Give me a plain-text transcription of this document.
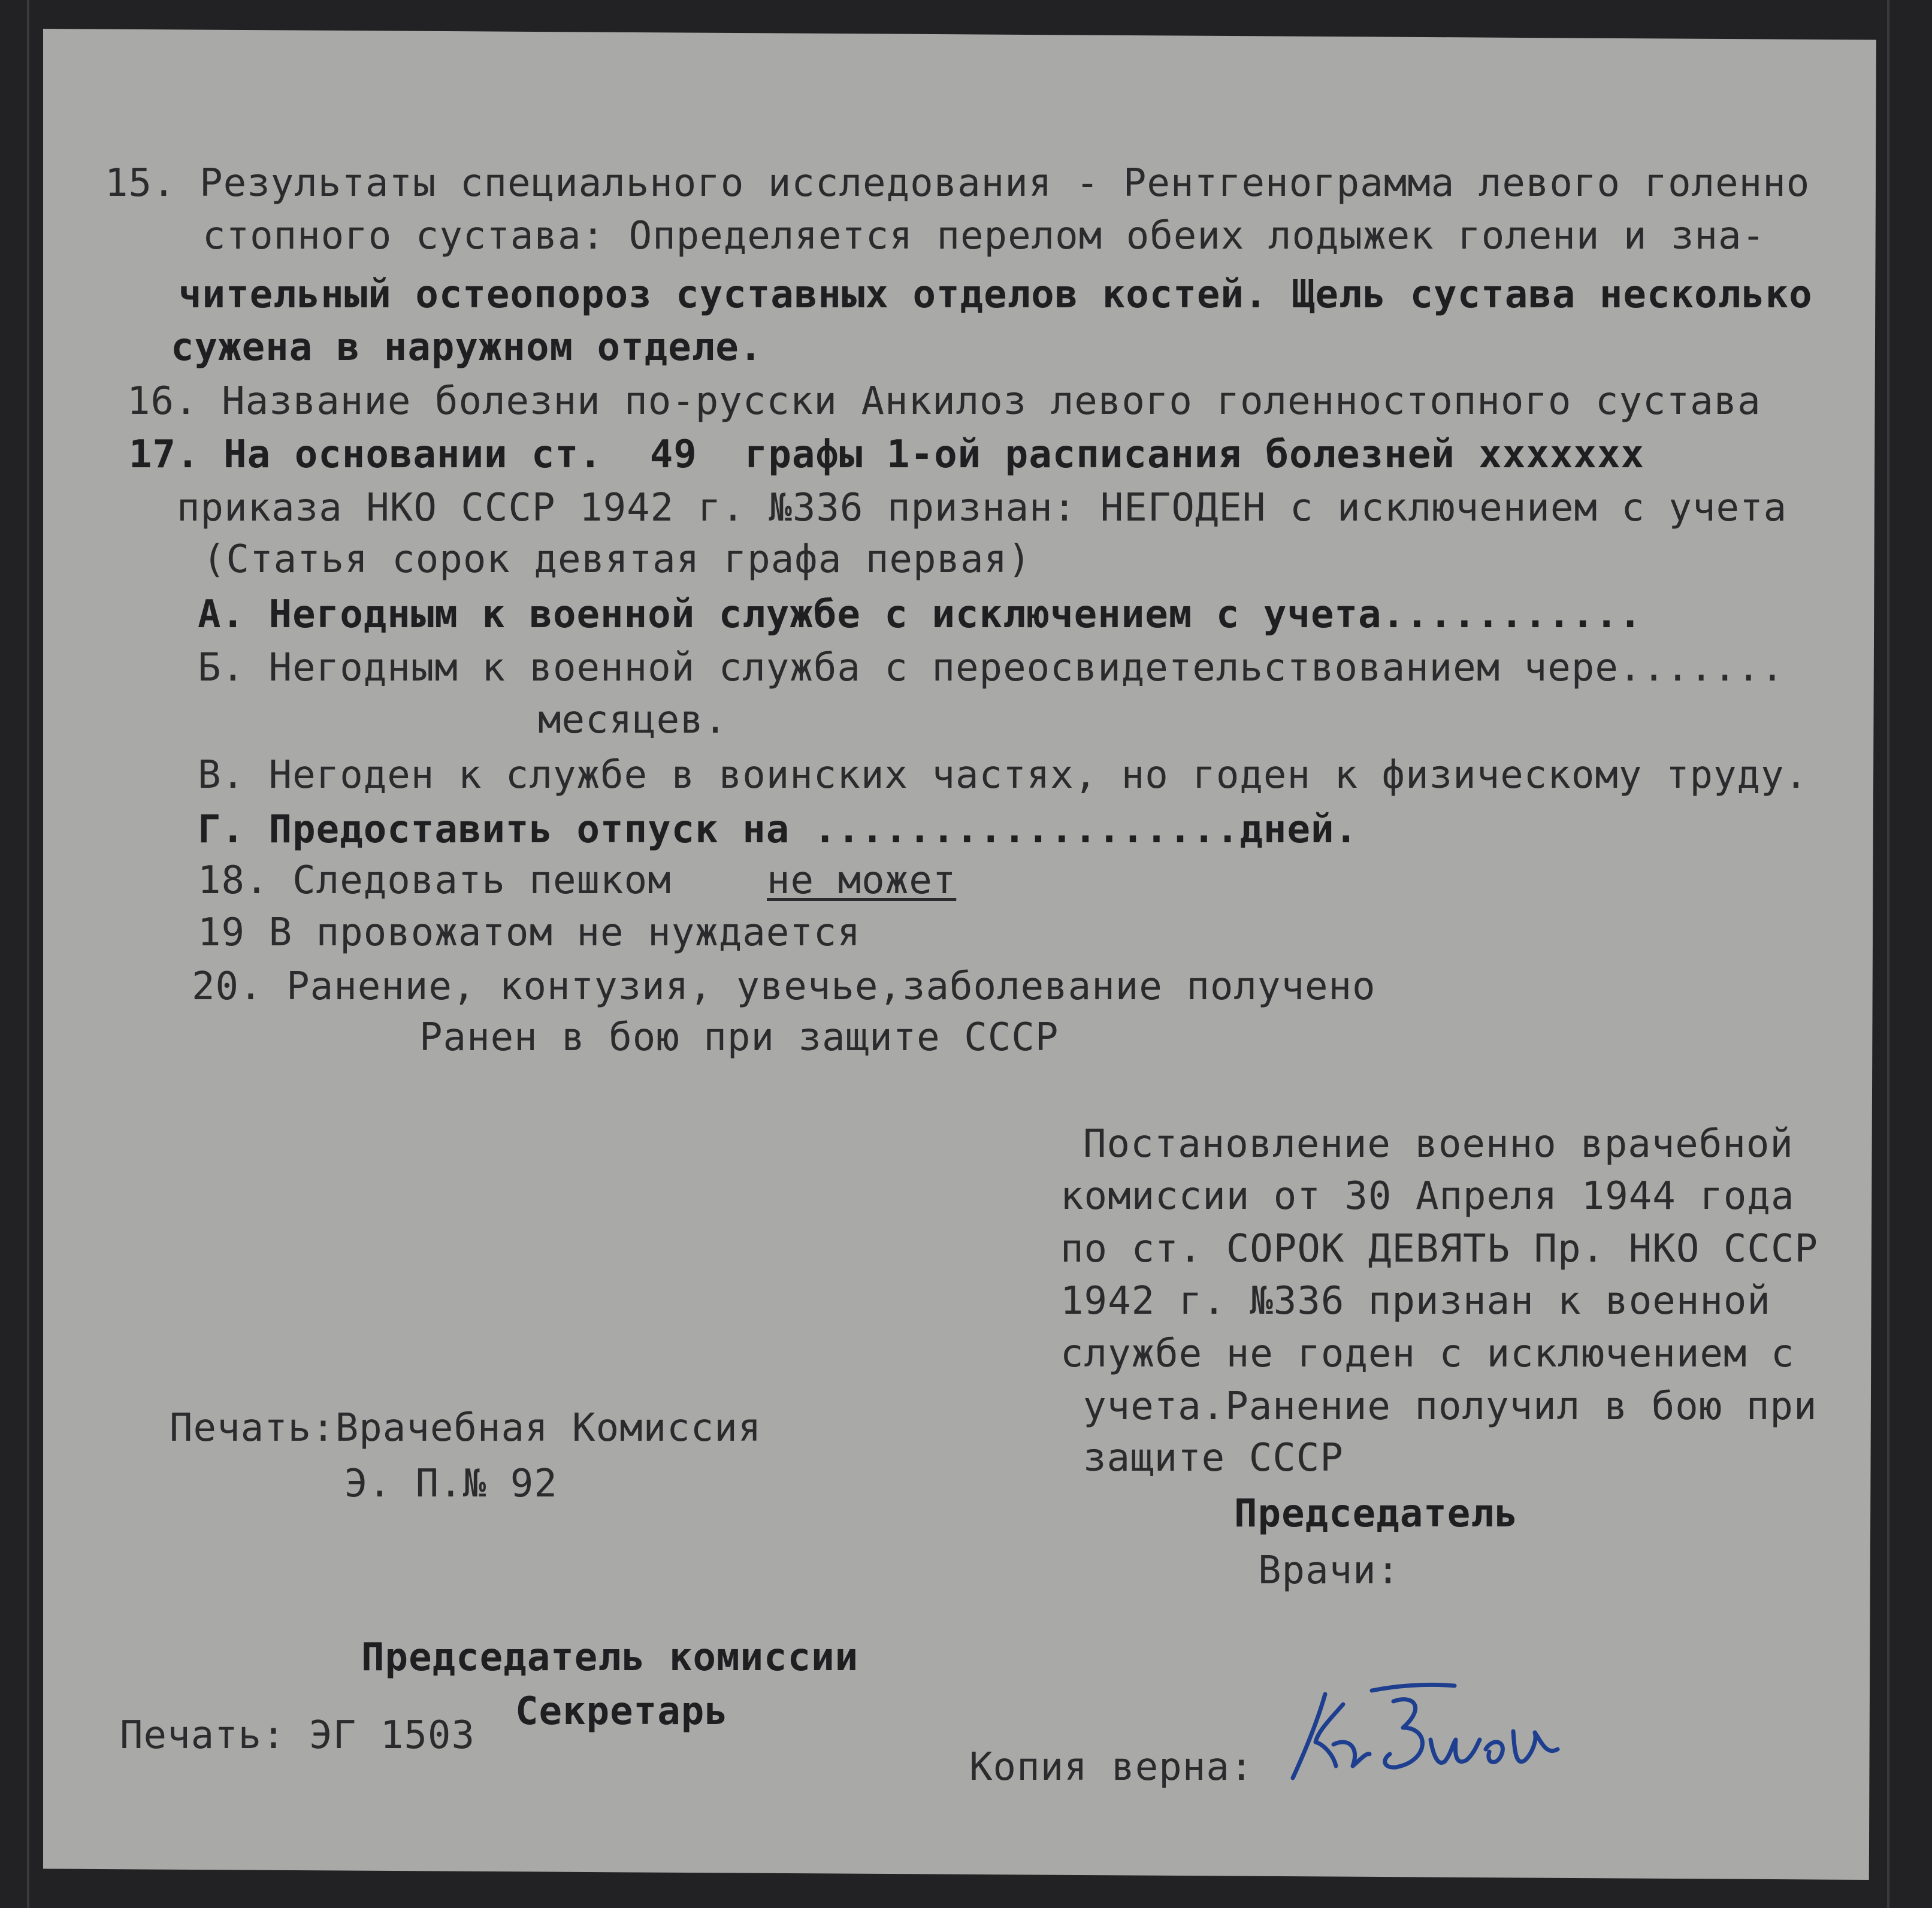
15. Результаты специального исследования - Рентгенограмма левого голенно
стопного сустава: Определяется перелом обеих лодыжек голени и зна-
чительный остеопороз суставных отделов костей. Щель сустава несколько
сужена в наружном отделе.
16. Название болезни по-русски Анкилоз левого голенностопного сустава
17. На основании ст.  49  графы 1-ой расписания болезней xxxxxxx
приказа НКО СССР 1942 г. №336 признан: НЕГОДЕН с исключением с учета
(Статья сорок девятая графа первая)
А. Негодным к военной службе с исключением с учета...........
Б. Негодным к военной служба с переосвидетельствованием чере.......
месяцев.
В. Негоден к службе в воинских частях, но годен к физическому труду.
Г. Предоставить отпуск на ..................дней.
18. Следовать пешком не может
19 В провожатом не нуждается
20. Ранение, контузия, увечье,заболевание получено
Ранен в бою при защите СССР
Постановление военно врачебной
комиссии от 30 Апреля 1944 года
по ст. СОРОК ДЕВЯТЬ Пр. НКО СССР
1942 г. №336 признан к военной
службе не годен с исключением с
учета.Ранение получил в бою при
защите СССР
Председатель
Врачи:
Печать:Врачебная Комиссия
Э. П.№ 92
Председатель комиссии
Секретарь
Печать: ЭГ 1503
Копия верна:
